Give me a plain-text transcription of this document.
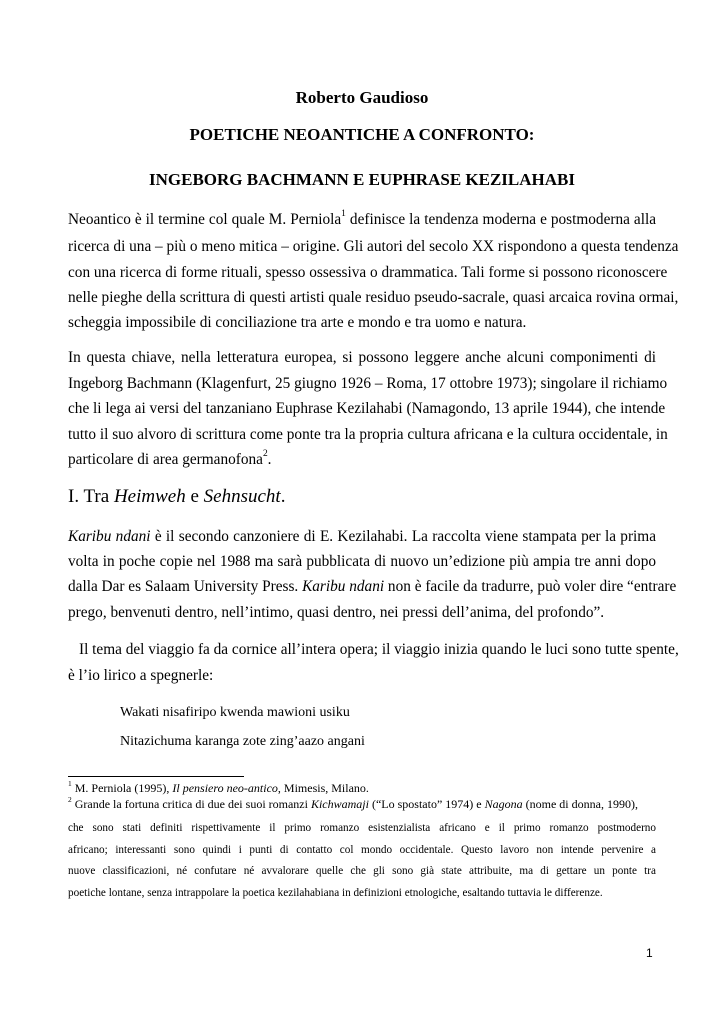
Roberto Gaudioso
POETICHE NEOANTICHE A CONFRONTO:
INGEBORG BACHMANN E EUPHRASE KEZILAHABI
Neoantico è il termine col quale M. Perniola$^1$ definisce la tendenza moderna e postmoderna alla
ricerca di una – più o meno mitica – origine. Gli autori del secolo XX rispondono a questa tendenza
con una ricerca di forme rituali, spesso ossessiva o drammatica. Tali forme si possono riconoscere
nelle pieghe della scrittura di questi artisti quale residuo pseudo-sacrale, quasi arcaica rovina ormai,
scheggia impossibile di conciliazione tra arte e mondo e tra uomo e natura.
In questa chiave, nella letteratura europea, si possono leggere anche alcuni componimenti di
Ingeborg Bachmann (Klagenfurt, 25 giugno 1926 – Roma, 17 ottobre 1973); singolare il richiamo
che li lega ai versi del tanzaniano Euphrase Kezilahabi (Namagondo, 13 aprile 1944), che intende
tutto il suo alvoro di scrittura come ponte tra la propria cultura africana e la cultura occidentale, in
particolare di area germanofona$^2$.
I. Tra Heimweh e Sehnsucht.
Karibu ndani è il secondo canzoniere di E. Kezilahabi. La raccolta viene stampata per la prima
volta in poche copie nel 1988 ma sarà pubblicata di nuovo un’edizione più ampia tre anni dopo
dalla Dar es Salaam University Press. Karibu ndani non è facile da tradurre, può voler dire “entrare
prego, benvenuti dentro, nell’intimo, quasi dentro, nei pressi dell’anima, del profondo”.
Il tema del viaggio fa da cornice all’intera opera; il viaggio inizia quando le luci sono tutte spente,
è l’io lirico a spegnerle:
Wakati nisafiripo kwenda mawioni usiku
Nitazichuma karanga zote zing’aazo angani
$^1$ M. Perniola (1995), Il pensiero neo-antico, Mimesis, Milano.
$^2$ Grande la fortuna critica di due dei suoi romanzi Kichwamaji (“Lo spostato” 1974) e Nagona (nome di donna, 1990),
che sono stati definiti rispettivamente il primo romanzo esistenzialista africano e il primo romanzo postmoderno
africano; interessanti sono quindi i punti di contatto col mondo occidentale. Questo lavoro non intende pervenire a
nuove classificazioni, né confutare né avvalorare quelle che gli sono già state attribuite, ma di gettare un ponte tra
poetiche lontane, senza intrappolare la poetica kezilahabiana in definizioni etnologiche, esaltando tuttavia le differenze.
1
